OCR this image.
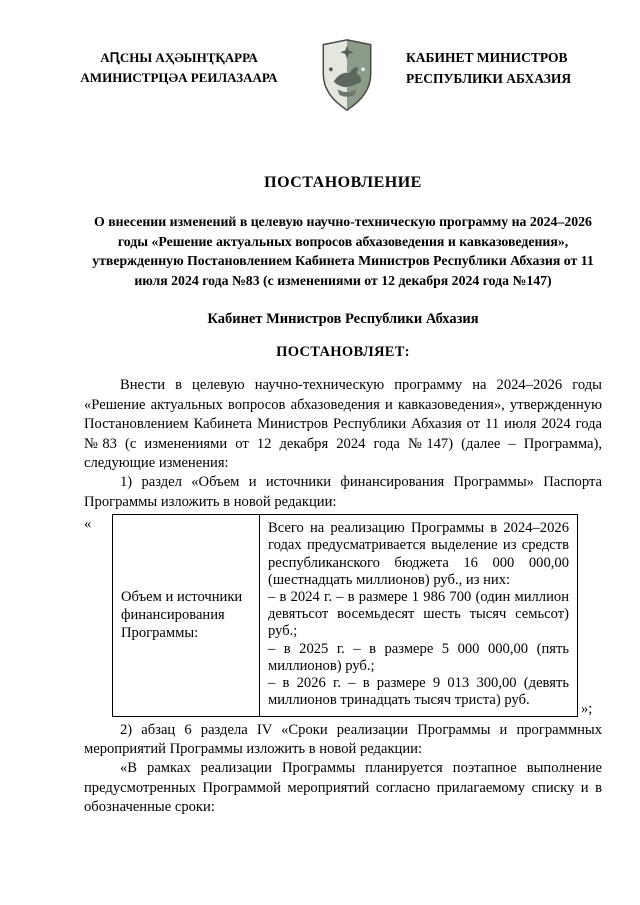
АԤСНЫ АҲӘЫНҬҚАРРА
АМИНИСТРЦӘА РЕИЛАЗААРА
КАБИНЕТ МИНИСТРОВ
РЕСПУБЛИКИ АБХАЗИЯ
ПОСТАНОВЛЕНИЕ

О внесении изменений в целевую научно-техническую программу на 2024–2026 годы «Решение актуальных вопросов абхазоведения и кавказоведения», утвержденную Постановлением Кабинета Министров Республики Абхазия от 11 июля 2024 года №83 (с изменениями от 12 декабря 2024 года №147)

Кабинет Министров Республики Абхазия

ПОСТАНОВЛЯЕТ:

Внести в целевую научно-техническую программу на 2024–2026 годы «Решение актуальных вопросов абхазоведения и кавказоведения», утвержденную Постановлением Кабинета Министров Республики Абхазия от 11 июля 2024 года №83 (с изменениями от 12 декабря 2024 года №147) (далее – Программа), следующие изменения:

1) раздел «Объем и источники финансирования Программы» Паспорта Программы изложить в новой редакции:

«
Объем и источники финансирования Программы:
Всего на реализацию Программы в 2024–2026 годах предусматривается выделение из средств республиканского бюджета 16 000 000,00 (шестнадцать миллионов) руб., из них:
– в 2024 г. – в размере 1 986 700 (один миллион девятьсот восемьдесят шесть тысяч семьсот) руб.;
– в 2025 г. – в размере 5 000 000,00 (пять миллионов) руб.;
– в 2026 г. – в размере 9 013 300,00 (девять миллионов тринадцать тысяч триста) руб.
»;

2) абзац 6 раздела IV «Сроки реализации Программы и программных мероприятий Программы изложить в новой редакции:

«В рамках реализации Программы планируется поэтапное выполнение предусмотренных Программой мероприятий согласно прилагаемому списку и в обозначенные сроки:
